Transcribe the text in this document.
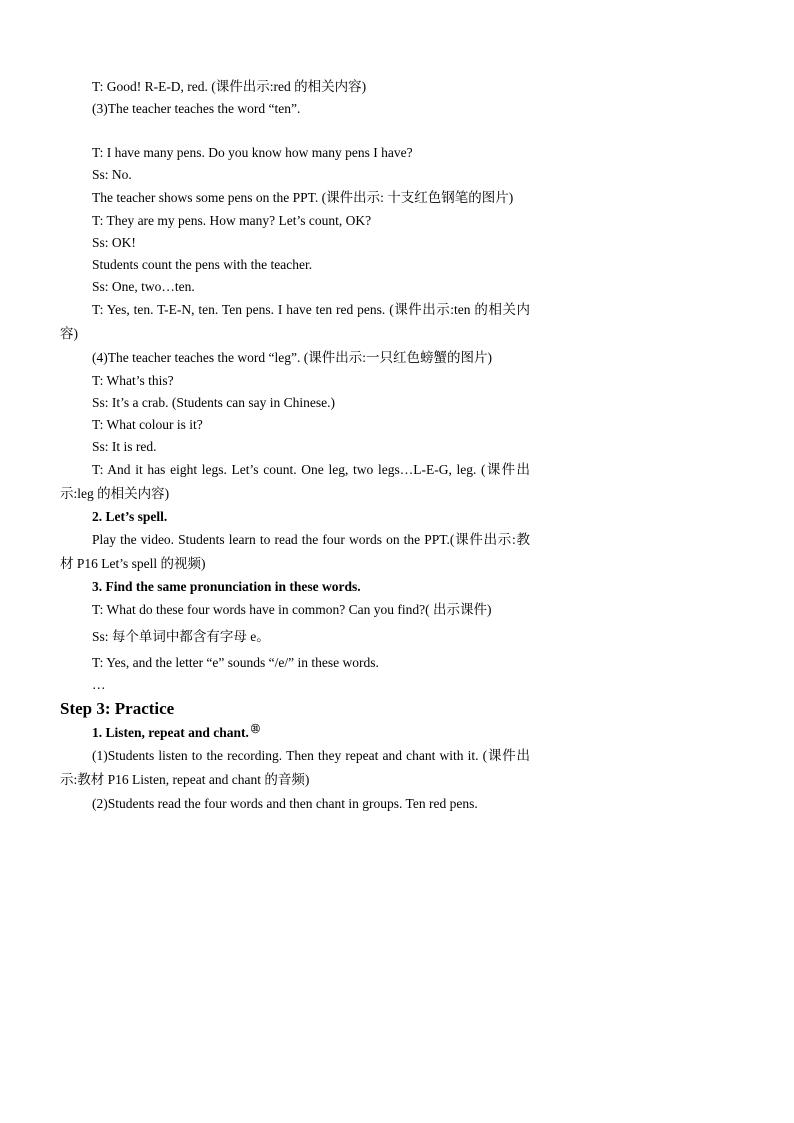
T: Good! R-E-D, red. (课件出示:red 的相关内容)

(3)The teacher teaches the word “ten”.

T: I have many pens. Do you know how many pens I have?

Ss: No.

The teacher shows some pens on the PPT. (课件出示: 十支红色钢笔的图片)

T: They are my pens. How many? Let’s count, OK?

Ss: OK!

Students count the pens with the teacher.

Ss: One, two…ten.

T: Yes, ten. T-E-N, ten. Ten pens. I have ten red pens. (课件出示:ten 的相关内容)

(4)The teacher teaches the word “leg”. (课件出示:一只红色螃蟹的图片)

T: What’s this?

Ss: It’s a crab. (Students can say in Chinese.)

T: What colour is it?

Ss: It is red.

T: And it has eight legs. Let’s count. One leg, two legs…L-E-G, leg. (课件出示:leg 的相关内容)

2. Let’s spell.

Play the video. Students learn to read the four words on the PPT.(课件出示:教材 P16 Let’s spell 的视频)

3. Find the same pronunciation in these words.

T: What do these four words have in common? Can you find?( 出示课件)

Ss: 每个单词中都含有字母 e。

T: Yes, and the letter “e” sounds “/e/” in these words.

…

Step 3: Practice

1. Listen, repeat and chant. $^㉛$

(1)Students listen to the recording. Then they repeat and chant with it. (课件出示:教材 P16 Listen, repeat and chant 的音频)

(2)Students read the four words and then chant in groups. Ten red pens.
